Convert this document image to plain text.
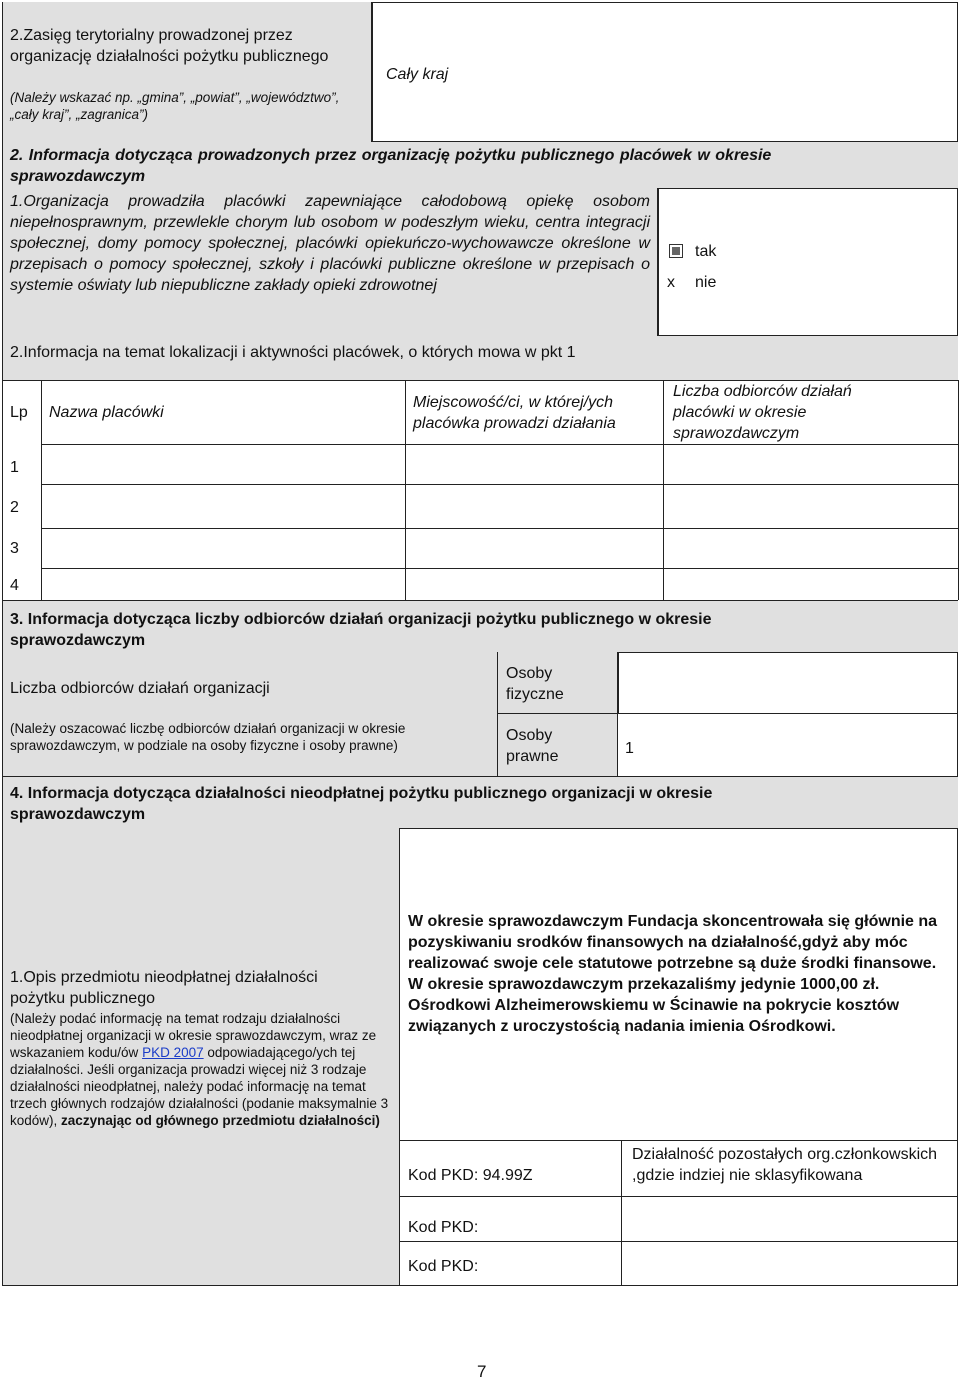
2.Zasięg terytorialny prowadzonej przez organizację działalności pożytku publicznego
(Należy wskazać np. „gmina”, „powiat”, „województwo”,
„cały kraj”, „zagranica”)
Cały kraj
2. Informacja dotycząca prowadzonych przez organizację pożytku publicznego placówek w okresie
sprawozdawczym
1.Organizacja prowadziła placówki zapewniające całodobową opiekę osobom niepełnosprawnym, przewlekle chorym lub osobom w podeszłym wieku, centra integracji społecznej, domy pomocy społecznej, placówki opiekuńczo-wychowawcze określone w przepisach o pomocy społecznej, szkoły i placówki publiczne określone w przepisach o systemie oświaty lub niepubliczne zakłady opieki zdrowotnej
tak
x nie
2.Informacja na temat lokalizacji i aktywności placówek, o których mowa w pkt 1
Lp Nazwa placówki
Miejscowość/ci, w której/ych placówka prowadzi działania
Liczba odbiorców działań placówki w okresie sprawozdawczym
1
2
3
4
3. Informacja dotycząca liczby odbiorców działań organizacji pożytku publicznego w okresie
sprawozdawczym
Liczba odbiorców działań organizacji
(Należy oszacować liczbę odbiorców działań organizacji w okresie sprawozdawczym, w podziale na osoby fizyczne i osoby prawne)
Osoby
fizyczne
Osoby
prawne	1
4. Informacja dotycząca działalności nieodpłatnej pożytku publicznego organizacji w okresie
sprawozdawczym
1.Opis przedmiotu nieodpłatnej działalności
pożytku publicznego
(Należy podać informację na temat rodzaju działalności nieodpłatnej organizacji w okresie sprawozdawczym, wraz ze wskazaniem kodu/ów PKD 2007 odpowiadającego/ych tej działalności. Jeśli organizacja prowadzi więcej niż 3 rodzaje działalności nieodpłatnej, należy podać informację na temat trzech głównych rodzajów działalności (podanie maksymalnie 3 kodów), zaczynając od głównego przedmiotu działalności)
W okresie sprawozdawczym Fundacja skoncentrowała się głównie na pozyskiwaniu srodków finansowych na działalność,gdyż aby móc realizować swoje cele statutowe potrzebne są duże środki finansowe.
W okresie sprawozdawczym przekazaliśmy jedynie 1000,00 zł. Ośrodkowi Alzheimerowskiemu w Ścinawie na pokrycie kosztów związanych z uroczystością nadania imienia Ośrodkowi.
Kod PKD: 94.99Z
Działalność pozostałych org.członkowskich ,gdzie indziej nie sklasyfikowana
Kod PKD:
Kod PKD:
7
